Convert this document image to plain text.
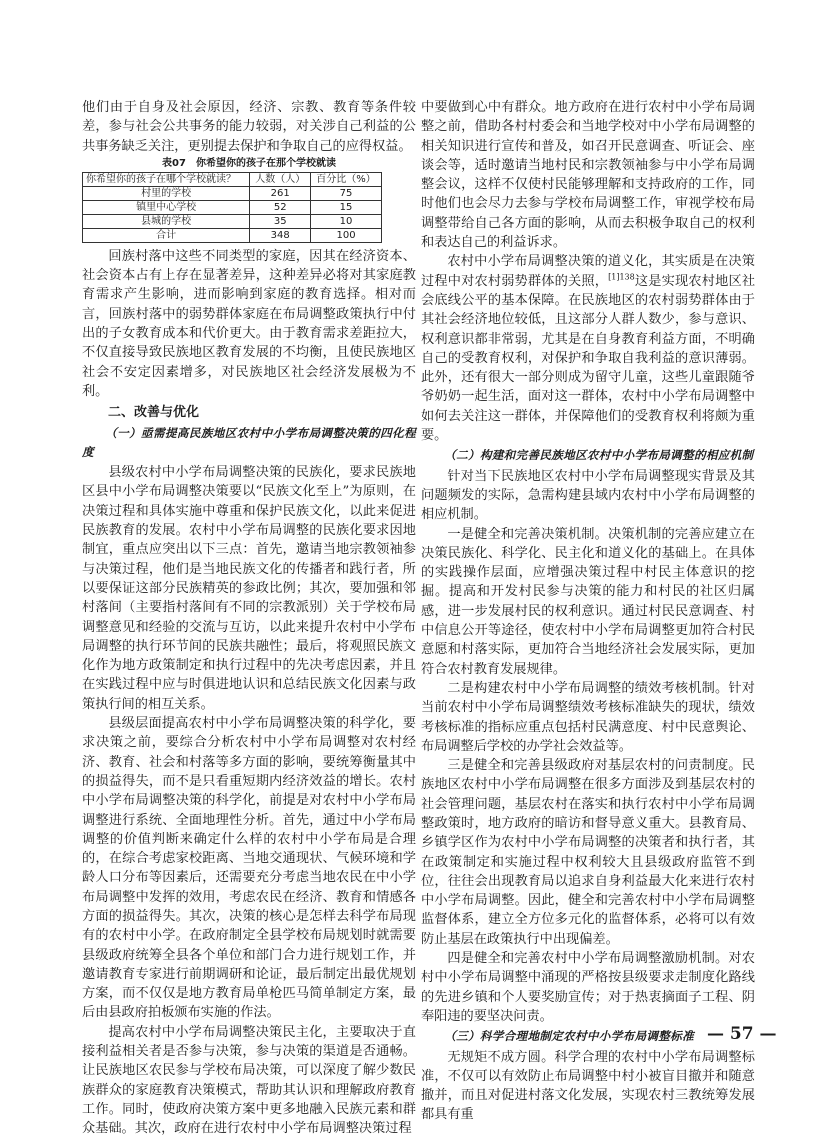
他们由于自身及社会原因，经济、宗教、教育等条件较差，参与社会公共事务的能力较弱，对关涉自己利益的公共事务缺乏关注，更别提去保护和争取自己的应得权益。

表07　你希望你的孩子在那个学校就读
你希望你的孩子在哪个学校就读？	人数（人）	百分比（%）
村里的学校	261	75
镇里中心学校	52	15
县城的学校	35	10
合计	348	100

回族村落中这些不同类型的家庭，因其在经济资本、社会资本占有上存在显著差异，这种差异必将对其家庭教育需求产生影响，进而影响到家庭的教育选择。相对而言，回族村落中的弱势群体家庭在布局调整政策执行中付出的子女教育成本和代价更大。由于教育需求差距拉大，不仅直接导致民族地区教育发展的不均衡，且使民族地区社会不安定因素增多，对民族地区社会经济发展极为不利。

二、改善与优化
（一）亟需提高民族地区农村中小学布局调整决策的四化程度

县级农村中小学布局调整决策的民族化，要求民族地区县中小学布局调整决策要以“民族文化至上”为原则，在决策过程和具体实施中尊重和保护民族文化，以此来促进民族教育的发展。农村中小学布局调整的民族化要求因地制宜，重点应突出以下三点：首先，邀请当地宗教领袖参与决策过程，他们是当地民族文化的传播者和践行者，所以要保证这部分民族精英的参政比例；其次，要加强和邻村落间（主要指村落间有不同的宗教派别）关于学校布局调整意见和经验的交流与互访，以此来提升农村中小学布局调整的执行环节间的民族共融性；最后，将观照民族文化作为地方政策制定和执行过程中的先决考虑因素，并且在实践过程中应与时俱进地认识和总结民族文化因素与政策执行间的相互关系。

县级层面提高农村中小学布局调整决策的科学化，要求决策之前，要综合分析农村中小学布局调整对农村经济、教育、社会和村落等多方面的影响，要统筹衡量其中的损益得失，而不是只看重短期内经济效益的增长。农村中小学布局调整决策的科学化，前提是对农村中小学布局调整进行系统、全面地理性分析。首先，通过中小学布局调整的价值判断来确定什么样的农村中小学布局是合理的，在综合考虑家校距离、当地交通现状、气候环境和学龄人口分布等因素后，还需要充分考虑当地农民在中小学布局调整中发挥的效用，考虑农民在经济、教育和情感各方面的损益得失。其次，决策的核心是怎样去科学布局现有的农村中小学。在政府制定全县学校布局规划时就需要县级政府统筹全县各个单位和部门合力进行规划工作，并邀请教育专家进行前期调研和论证，最后制定出最优规划方案，而不仅仅是地方教育局单枪匹马简单制定方案，最后由县政府拍板颁布实施的作法。

提高农村中小学布局调整决策民主化，主要取决于直接利益相关者是否参与决策，参与决策的渠道是否通畅。让民族地区农民参与学校布局决策，可以深度了解少数民族群众的家庭教育决策模式，帮助其认识和理解政府教育工作。同时，使政府决策方案中更多地融入民族元素和群众基础。其次，政府在进行农村中小学布局调整决策过程

中要做到心中有群众。地方政府在进行农村中小学布局调整之前，借助各村村委会和当地学校对中小学布局调整的相关知识进行宣传和普及，如召开民意调查、听证会、座谈会等，适时邀请当地村民和宗教领袖参与中小学布局调整会议，这样不仅使村民能够理解和支持政府的工作，同时他们也会尽力去参与学校布局调整工作，审视学校布局调整带给自己各方面的影响，从而去积极争取自己的权利和表达自己的利益诉求。

农村中小学布局调整决策的道义化，其实质是在决策过程中对农村弱势群体的关照，$^{[1]138}$这是实现农村地区社会底线公平的基本保障。在民族地区的农村弱势群体由于其社会经济地位较低，且这部分人群人数少，参与意识、权利意识都非常弱，尤其是在自身教育利益方面，不明确自己的受教育权利，对保护和争取自我利益的意识薄弱。此外，还有很大一部分则成为留守儿童，这些儿童跟随爷爷奶奶一起生活，面对这一群体，农村中小学布局调整中如何去关注这一群体，并保障他们的受教育权利将颇为重要。

（二）构建和完善民族地区农村中小学布局调整的相应机制

针对当下民族地区农村中小学布局调整现实背景及其问题频发的实际，急需构建县域内农村中小学布局调整的相应机制。

一是健全和完善决策机制。决策机制的完善应建立在决策民族化、科学化、民主化和道义化的基础上。在具体的实践操作层面，应增强决策过程中村民主体意识的挖掘。提高和开发村民参与决策的能力和村民的社区归属感，进一步发展村民的权利意识。通过村民民意调查、村中信息公开等途径，使农村中小学布局调整更加符合村民意愿和村落实际，更加符合当地经济社会发展实际，更加符合农村教育发展规律。

二是构建农村中小学布局调整的绩效考核机制。针对当前农村中小学布局调整绩效考核标准缺失的现状，绩效考核标准的指标应重点包括村民满意度、村中民意舆论、布局调整后学校的办学社会效益等。

三是健全和完善县级政府对基层农村的问责制度。民族地区农村中小学布局调整在很多方面涉及到基层农村的社会管理问题，基层农村在落实和执行农村中小学布局调整政策时，地方政府的暗访和督导意义重大。县教育局、乡镇学区作为农村中小学布局调整的决策者和执行者，其在政策制定和实施过程中权利较大且县级政府监管不到位，往往会出现教育局以追求自身利益最大化来进行农村中小学布局调整。因此，健全和完善农村中小学布局调整监督体系，建立全方位多元化的监督体系，必将可以有效防止基层在政策执行中出现偏差。

四是健全和完善农村中小学布局调整激励机制。对农村中小学布局调整中涌现的严格按县级要求走制度化路线的先进乡镇和个人要奖励宣传；对于热衷摘面子工程、阴奉阳违的要坚决问责。

（三）科学合理地制定农村中小学布局调整标准

无规矩不成方圆。科学合理的农村中小学布局调整标准，不仅可以有效防止布局调整中村小被盲目撤并和随意撤并，而且对促进村落文化发展，实现农村三教统筹发展都具有重

— 57 —
